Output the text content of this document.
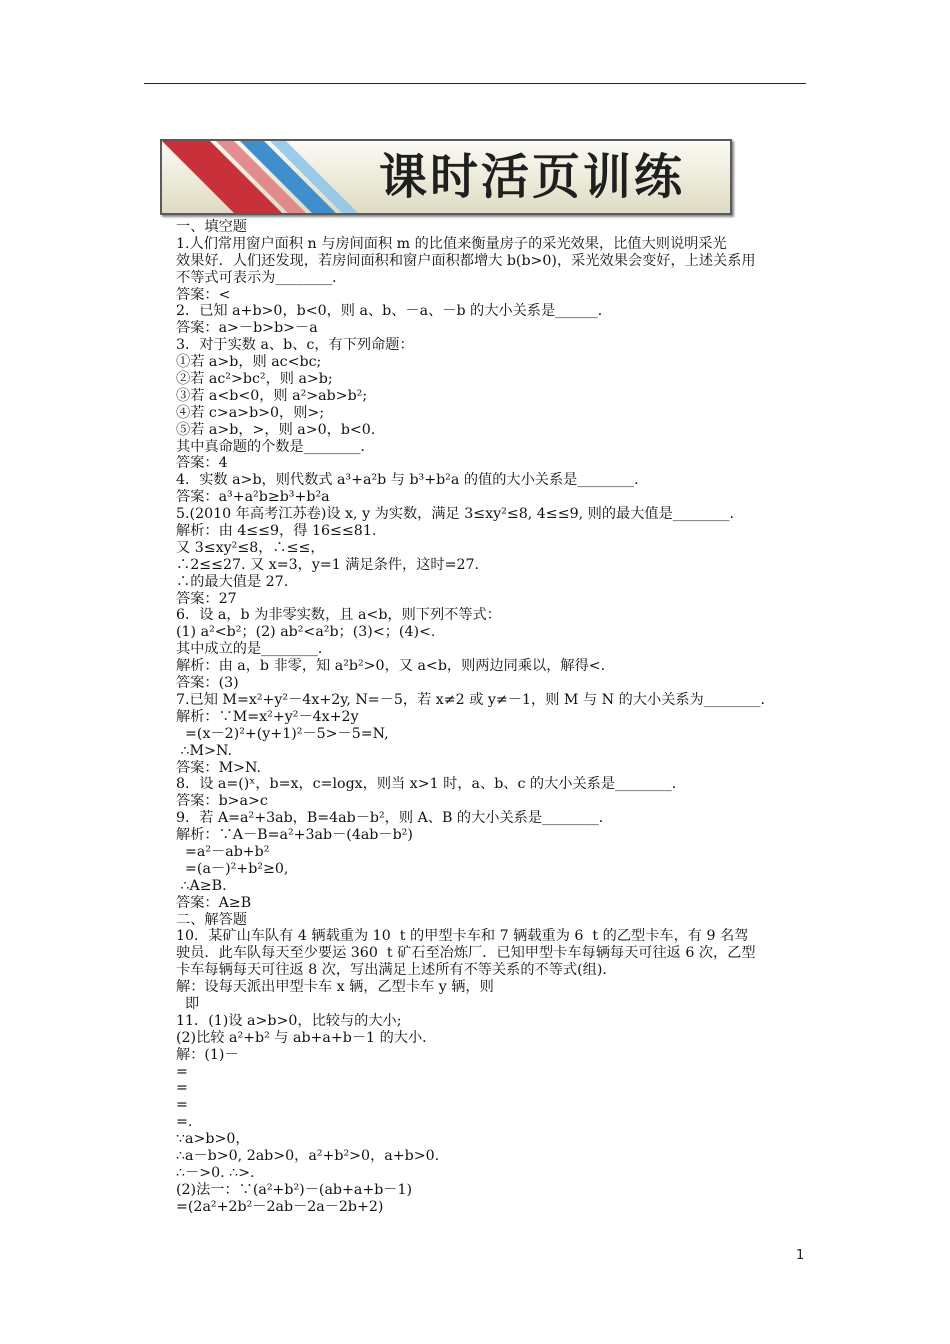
课时活页训练
一、填空题
1.人们常用窗户面积 n 与房间面积 m 的比值来衡量房子的采光效果，比值大则说明采光
效果好．人们还发现，若房间面积和窗户面积都增大 b(b>0)，采光效果会变好，上述关系用
不等式可表示为________．
答案：<
2．已知 a+b>0，b<0，则 a、b、－a、－b 的大小关系是______．
答案：a>－b>b>－a
3．对于实数 a、b、c，有下列命题：
①若 a>b，则 ac<bc;
②若 ac²>bc²，则 a>b;
③若 a<b<0，则 a²>ab>b²;
④若 c>a>b>0，则>;
⑤若 a>b，>，则 a>0，b<0.
其中真命题的个数是________．
答案：4
4．实数 a>b，则代数式 a³+a²b 与 b³+b²a 的值的大小关系是________．
答案：a³+a²b≥b³+b²a
5.(2010 年高考江苏卷)设 x, y 为实数，满足 3≤xy²≤8, 4≤≤9, 则的最大值是________．
解析：由 4≤≤9，得 16≤≤81.
又 3≤xy²≤8，∴≤≤，
∴2≤≤27. 又 x=3，y=1 满足条件，这时=27.
∴的最大值是 27.
答案：27
6．设 a，b 为非零实数，且 a<b，则下列不等式：
(1) a²<b²；(2) ab²<a²b；(3)<；(4)<.
其中成立的是________．
解析：由 a，b 非零，知 a²b²>0，又 a<b，则两边同乘以，解得<.
答案：(3)
7.已知 M=x²+y²－4x+2y, N=－5，若 x≠2 或 y≠－1，则 M 与 N 的大小关系为________．
解析：∵M=x²+y²－4x+2y
=(x－2)²+(y+1)²－5>－5=N,
∴M>N.
答案：M>N.
8．设 a=()ˣ，b=x，c=logx，则当 x>1 时，a、b、c 的大小关系是________．
答案：b>a>c
9．若 A=a²+3ab，B=4ab－b²，则 A、B 的大小关系是________．
解析：∵A－B=a²+3ab－(4ab－b²)
=a²－ab+b²
=(a－)²+b²≥0,
∴A≥B.
答案：A≥B
二、解答题
10．某矿山车队有 4 辆载重为 10  t 的甲型卡车和 7 辆载重为 6  t 的乙型卡车，有 9 名驾
驶员．此车队每天至少要运 360  t 矿石至冶炼厂．已知甲型卡车每辆每天可往返 6 次，乙型
卡车每辆每天可往返 8 次，写出满足上述所有不等关系的不等式(组)．
解：设每天派出甲型卡车 x 辆，乙型卡车 y 辆，则
即
11．(1)设 a>b>0，比较与的大小;
(2)比较 a²+b² 与 ab+a+b－1 的大小．
解：(1)－
=
=
=
=.
∵a>b>0，
∴a－b>0, 2ab>0，a²+b²>0，a+b>0.
∴－>0. ∴>.
(2)法一：∵(a²+b²)－(ab+a+b－1)
=(2a²+2b²－2ab－2a－2b+2)
1
